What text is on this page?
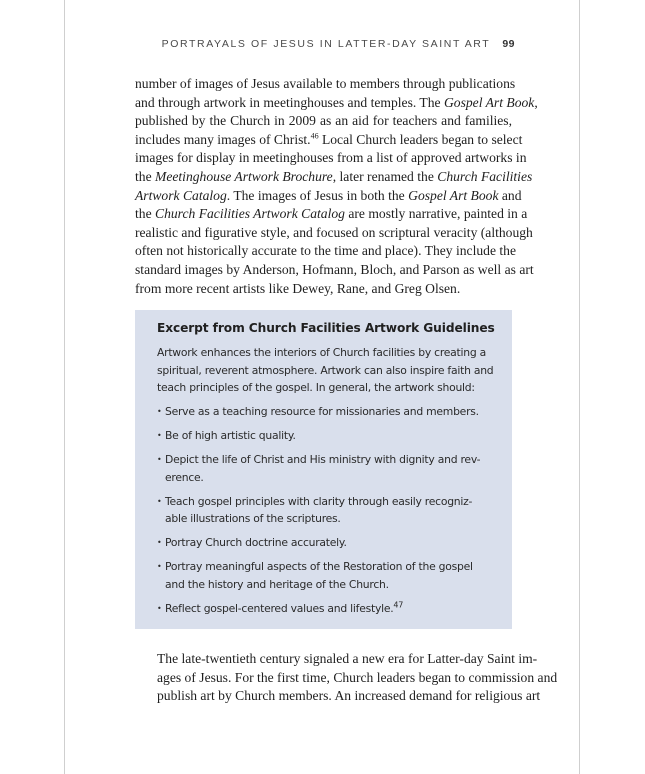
PORTRAYALS OF JESUS IN LATTER-DAY SAINT ART 99

number of images of Jesus available to members through publications
and through artwork in meetinghouses and temples. The Gospel Art Book,
published by the Church in 2009 as an aid for teachers and families,
includes many images of Christ.$^{46}$ Local Church leaders began to select
images for display in meetinghouses from a list of approved artworks in
the Meetinghouse Artwork Brochure, later renamed the Church Facilities
Artwork Catalog. The images of Jesus in both the Gospel Art Book and
the Church Facilities Artwork Catalog are mostly narrative, painted in a
realistic and figurative style, and focused on scriptural veracity (although
often not historically accurate to the time and place). They include the
standard images by Anderson, Hofmann, Bloch, and Parson as well as art
from more recent artists like Dewey, Rane, and Greg Olsen.

Excerpt from Church Facilities Artwork Guidelines

Artwork enhances the interiors of Church facilities by creating a
spiritual, reverent atmosphere. Artwork can also inspire faith and
teach principles of the gospel. In general, the artwork should:

• Serve as a teaching resource for missionaries and members.
• Be of high artistic quality.
• Depict the life of Christ and His ministry with dignity and rev-
erence.
• Teach gospel principles with clarity through easily recogniz-
able illustrations of the scriptures.
• Portray Church doctrine accurately.
• Portray meaningful aspects of the Restoration of the gospel
and the history and heritage of the Church.
• Reflect gospel-centered values and lifestyle.$^{47}$

The late-twentieth century signaled a new era for Latter-day Saint im-
ages of Jesus. For the first time, Church leaders began to commission and
publish art by Church members. An increased demand for religious art
